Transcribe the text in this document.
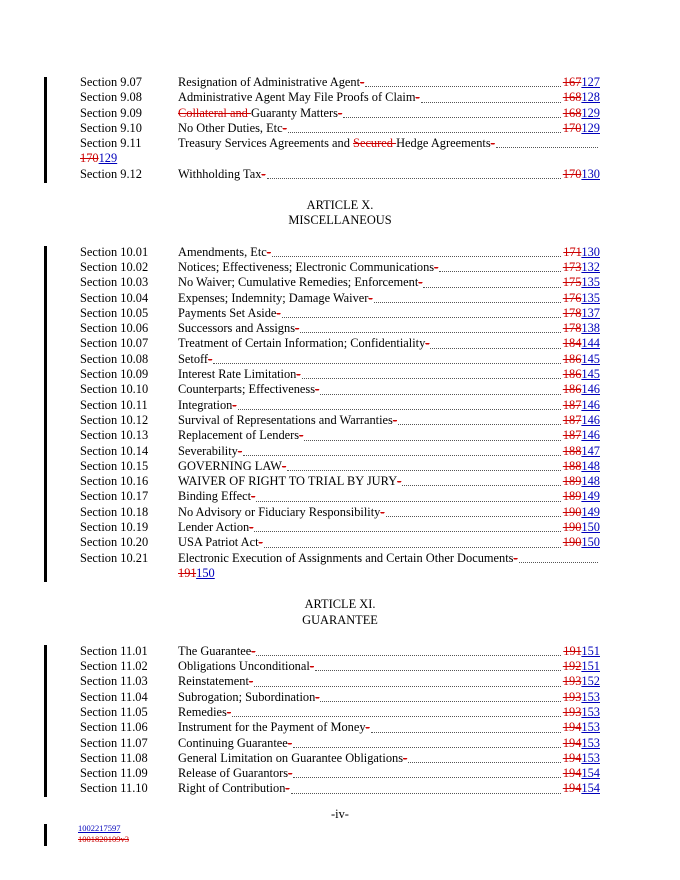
Section 9.07	Resignation of Administrative Agent -	167127
Section 9.08	Administrative Agent May File Proofs of Claim -	168128
Section 9.09	Collateral and Guaranty Matters -	168129
Section 9.10	No Other Duties, Etc -	170129
Section 9.11	Treasury Services Agreements and Secured Hedge Agreements -
170129
Section 9.12	Withholding Tax -	170130
ARTICLE X.
MISCELLANEOUS
Section 10.01	Amendments, Etc -	171130
Section 10.02	Notices; Effectiveness; Electronic Communications -	173132
Section 10.03	No Waiver; Cumulative Remedies; Enforcement -	175135
Section 10.04	Expenses; Indemnity; Damage Waiver -	176135
Section 10.05	Payments Set Aside -	178137
Section 10.06	Successors and Assigns -	178138
Section 10.07	Treatment of Certain Information; Confidentiality -	184144
Section 10.08	Setoff -	186145
Section 10.09	Interest Rate Limitation -	186145
Section 10.10	Counterparts; Effectiveness -	186146
Section 10.11	Integration -	187146
Section 10.12	Survival of Representations and Warranties -	187146
Section 10.13	Replacement of Lenders -	187146
Section 10.14	Severability -	188147
Section 10.15	GOVERNING LAW -	188148
Section 10.16	WAIVER OF RIGHT TO TRIAL BY JURY -	189148
Section 10.17	Binding Effect -	189149
Section 10.18	No Advisory or Fiduciary Responsibility -	190149
Section 10.19	Lender Action -	190150
Section 10.20	USA Patriot Act -	190150
Section 10.21	Electronic Execution of Assignments and Certain Other Documents -
191150
ARTICLE XI.
GUARANTEE
Section 11.01	The Guarantee -	191151
Section 11.02	Obligations Unconditional -	192151
Section 11.03	Reinstatement -	193152
Section 11.04	Subrogation; Subordination -	193153
Section 11.05	Remedies -	193153
Section 11.06	Instrument for the Payment of Money -	194153
Section 11.07	Continuing Guarantee -	194153
Section 11.08	General Limitation on Guarantee Obligations -	194153
Section 11.09	Release of Guarantors -	194154
Section 11.10	Right of Contribution -	194154
-iv-
1002217597
1001820109v3
